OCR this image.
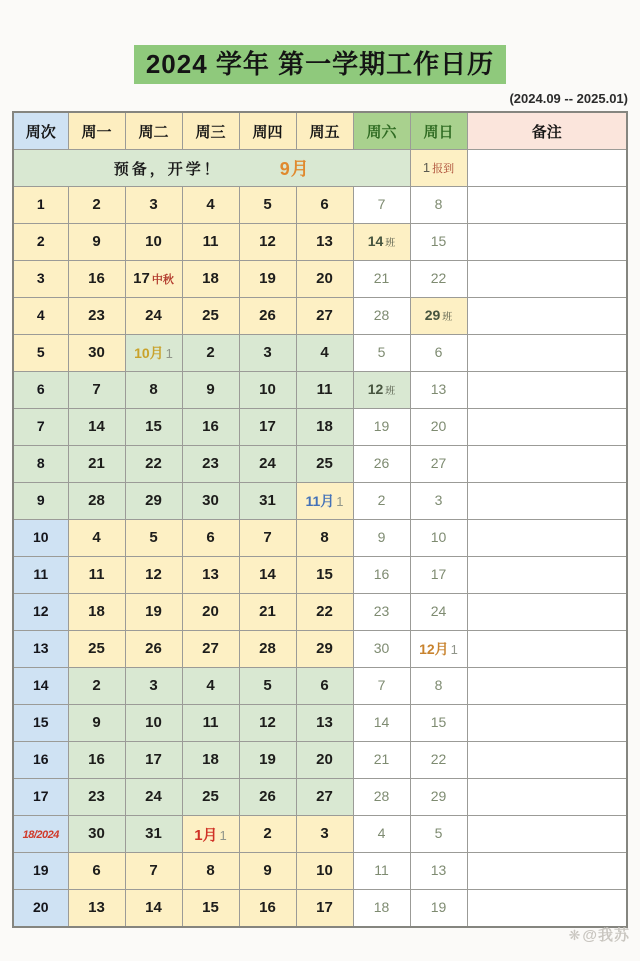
2024 学年 第一学期工作日历
(2024.09 -- 2025.01)
周次	周一	周二	周三	周四	周五	周六	周日	备注

预备，开学！ 9月							1 报到	
1	2	3	4	5	6	7	8	
2	9	10	11	12	13	14 班	15	
3	16	17 中秋	18	19	20	21	22	
4	23	24	25	26	27	28	29 班	
5	30	10月 1	2	3	4	5	6	
6	7	8	9	10	11	12 班	13	
7	14	15	16	17	18	19	20	
8	21	22	23	24	25	26	27	
9	28	29	30	31	11月 1	2	3	
10	4	5	6	7	8	9	10	
11	11	12	13	14	15	16	17	
12	18	19	20	21	22	23	24	
13	25	26	27	28	29	30	12月 1	
14	2	3	4	5	6	7	8	
15	9	10	11	12	13	14	15	
16	16	17	18	19	20	21	22	
17	23	24	25	26	27	28	29	
18/2024	30	31	1月 1	2	3	4	5	
19	6	7	8	9	10	11	13	
20	13	14	15	16	17	18	19	
❋@我苏
